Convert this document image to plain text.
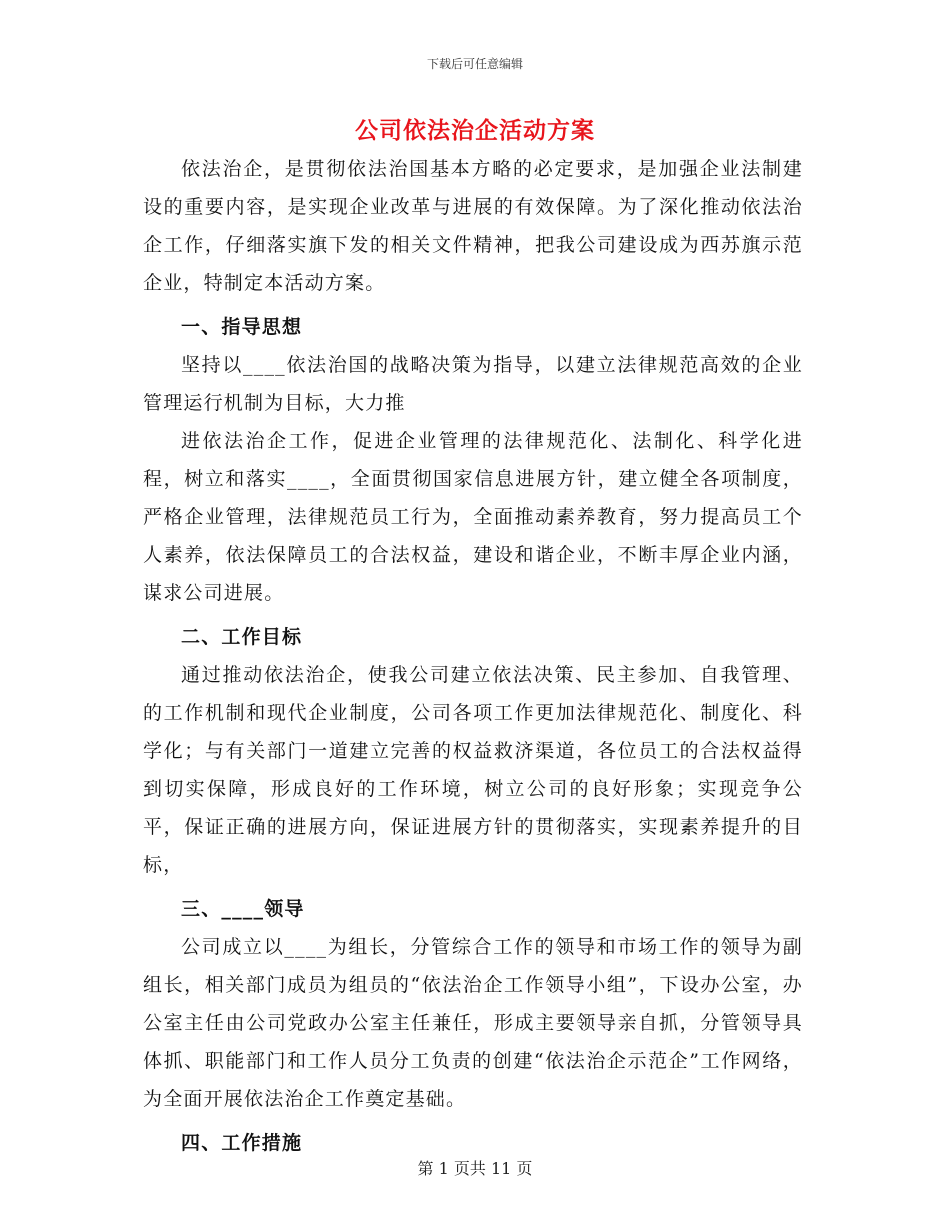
下载后可任意编辑
公司依法治企活动方案

依法治企，是贯彻依法治国基本方略的必定要求，是加强企业法制建设的重要内容，是实现企业改革与进展的有效保障。为了深化推动依法治企工作，仔细落实旗下发的相关文件精神，把我公司建设成为西苏旗示范企业，特制定本活动方案。

一、指导思想

坚持以____依法治国的战略决策为指导，以建立法律规范高效的企业管理运行机制为目标，大力推

进依法治企工作，促进企业管理的法律规范化、法制化、科学化进程，树立和落实____，全面贯彻国家信息进展方针，建立健全各项制度，严格企业管理，法律规范员工行为，全面推动素养教育，努力提高员工个人素养，依法保障员工的合法权益，建设和谐企业，不断丰厚企业内涵，谋求公司进展。

二、工作目标

通过推动依法治企，使我公司建立依法决策、民主参加、自我管理、的工作机制和现代企业制度，公司各项工作更加法律规范化、制度化、科学化；与有关部门一道建立完善的权益救济渠道，各位员工的合法权益得到切实保障，形成良好的工作环境，树立公司的良好形象；实现竞争公平，保证正确的进展方向，保证进展方针的贯彻落实，实现素养提升的目标，

三、____领导

公司成立以____为组长，分管综合工作的领导和市场工作的领导为副组长，相关部门成员为组员的“依法治企工作领导小组”，下设办公室，办公室主任由公司党政办公室主任兼任，形成主要领导亲自抓，分管领导具体抓、职能部门和工作人员分工负责的创建“依法治企示范企”工作网络，为全面开展依法治企工作奠定基础。

四、工作措施
第 1 页共 11 页
